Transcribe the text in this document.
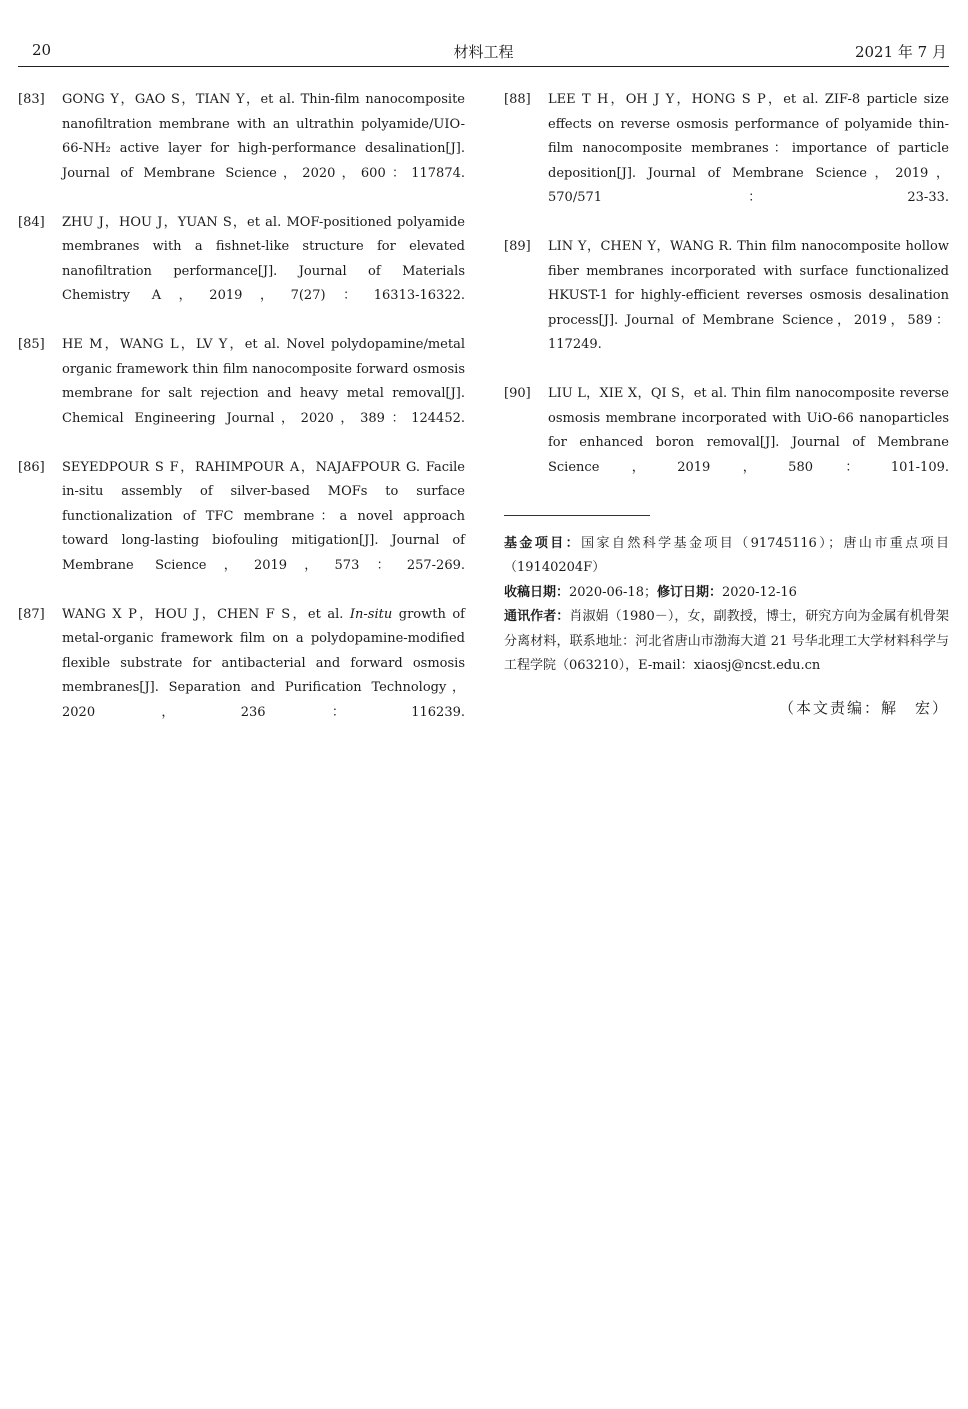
20	材料工程	2021 年 7 月
[83] GONG Y，GAO S，TIAN Y，et al. Thin-film nanocomposite nanofiltration membrane with an ultrathin polyamide/UIO-66-NH₂ active layer for high-performance desalination[J]. Journal of Membrane Science，2020，600：117874.
[84] ZHU J，HOU J，YUAN S，et al. MOF-positioned polyamide membranes with a fishnet-like structure for elevated nanofiltration performance[J]. Journal of Materials Chemistry A，2019，7(27)：16313-16322.
[85] HE M，WANG L，LV Y，et al. Novel polydopamine/metal organic framework thin film nanocomposite forward osmosis membrane for salt rejection and heavy metal removal[J]. Chemical Engineering Journal，2020，389：124452.
[86] SEYEDPOUR S F，RAHIMPOUR A，NAJAFPOUR G. Facile in-situ assembly of silver-based MOFs to surface functionalization of TFC membrane：a novel approach toward long-lasting biofouling mitigation[J]. Journal of Membrane Science，2019，573：257-269.
[87] WANG X P，HOU J，CHEN F S，et al. In-situ growth of metal-organic framework film on a polydopamine-modified flexible substrate for antibacterial and forward osmosis membranes[J]. Separation and Purification Technology，2020，236：116239.
[88] LEE T H，OH J Y，HONG S P，et al. ZIF-8 particle size effects on reverse osmosis performance of polyamide thin-film nanocomposite membranes：importance of particle deposition[J]. Journal of Membrane Science，2019，570/571：23-33.
[89] LIN Y，CHEN Y，WANG R. Thin film nanocomposite hollow fiber membranes incorporated with surface functionalized HKUST-1 for highly-efficient reverses osmosis desalination process[J]. Journal of Membrane Science，2019，589：117249.
[90] LIU L，XIE X，QI S，et al. Thin film nanocomposite reverse osmosis membrane incorporated with UiO-66 nanoparticles for enhanced boron removal[J]. Journal of Membrane Science，2019，580：101-109.

基金项目：国家自然科学基金项目（91745116）；唐山市重点项目（19140204F）

收稿日期：2020-06-18；修订日期：2020-12-16

通讯作者：肖淑娟（1980－），女，副教授，博士，研究方向为金属有机骨架分离材料，联系地址：河北省唐山市渤海大道 21 号华北理工大学材料科学与工程学院（063210），E-mail：xiaosj@ncst.edu.cn

（本文责编：解　宏）
